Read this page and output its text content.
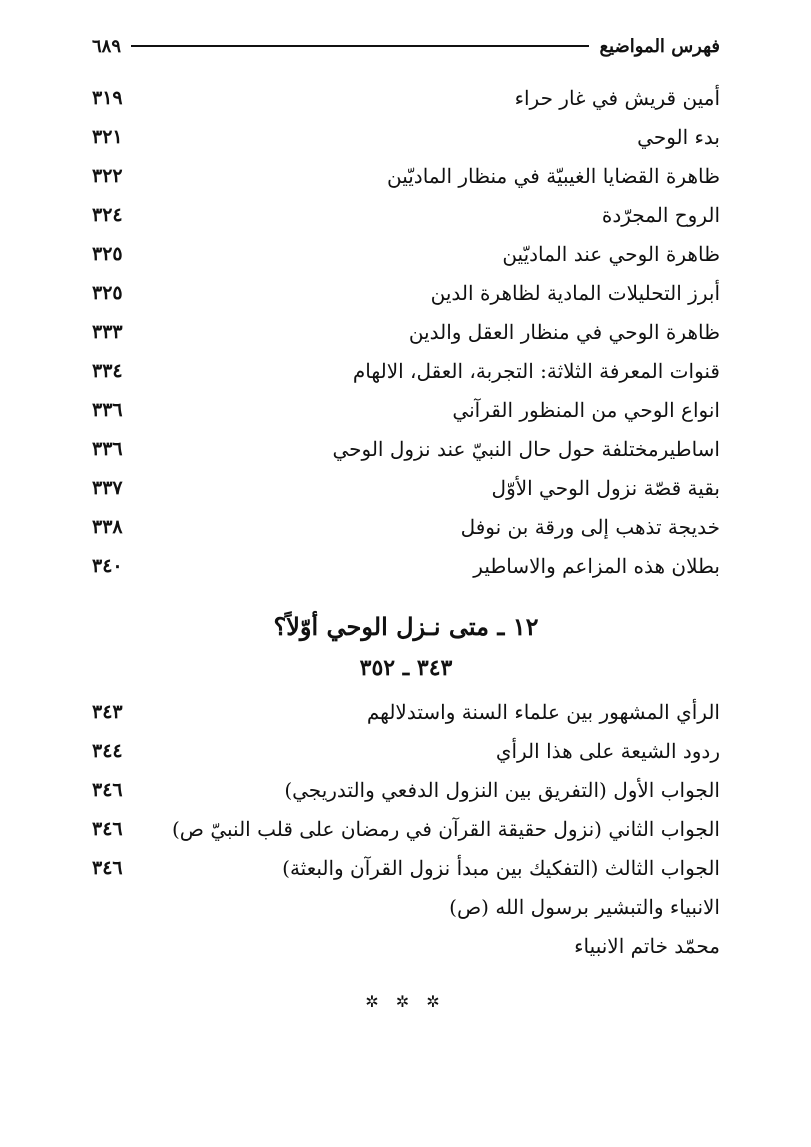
فهرس المواضيع
٦٨٩
أمين قريش في غار حراء
٣١٩
بدء الوحي
٣٢١
ظاهرة القضايا الغيبيّة في منظار الماديّين
٣٢٢
الروح المجرّدة
٣٢٤
ظاهرة الوحي عند الماديّين
٣٢٥
أبرز التحليلات المادية لظاهرة الدين
٣٢٥
ظاهرة الوحي في منظار العقل والدين
٣٣٣
قنوات المعرفة الثلاثة: التجربة، العقل، الالهام
٣٣٤
انواع الوحي من المنظور القرآني
٣٣٦
اساطيرمختلفة حول حال النبيّ عند نزول الوحي
٣٣٦
بقية قصّة نزول الوحي الأوّل
٣٣٧
خديجة تذهب إلى ورقة بن نوفل
٣٣٨
بطلان هذه المزاعم والاساطير
٣٤٠
١٢ ـ متى نـزل الوحي أوّلاً؟
٣٤٣ ـ ٣٥٢
الرأي المشهور بين علماء السنة واستدلالهم
٣٤٣
ردود الشيعة على هذا الرأي
٣٤٤
الجواب الأول (التفريق بين النزول الدفعي والتدريجي)
٣٤٦
الجواب الثاني (نزول حقيقة القرآن في رمضان على قلب النبيّ ص)
٣٤٦
الجواب الثالث (التفكيك بين مبدأ نزول القرآن والبعثة)
٣٤٦
الانبياء والتبشير برسول الله (ص)
محمّد خاتم الانبياء
✲ ✲ ✲
